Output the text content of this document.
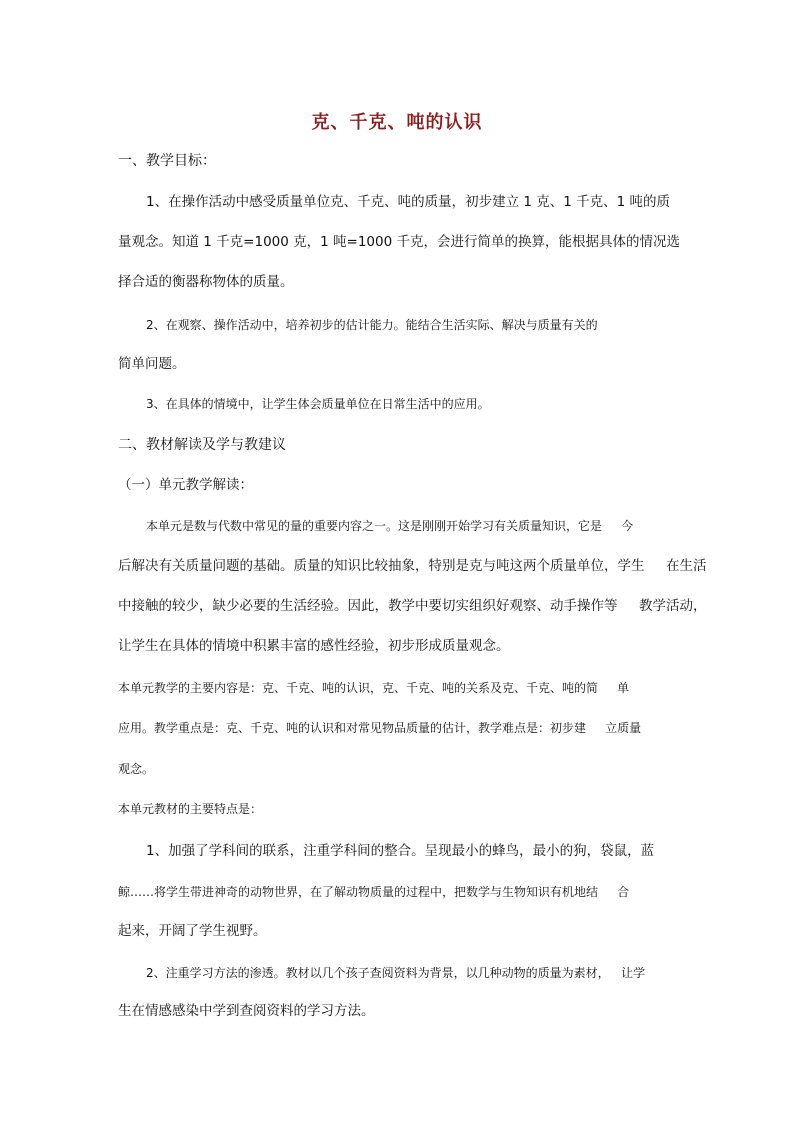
克、千克、吨的认识
一、教学目标：
1、在操作活动中感受质量单位克、千克、吨的质量，初步建立 1 克、1 千克、1 吨的质
量观念。知道 1 千克=1000 克，1 吨=1000 千克，会进行简单的换算，能根据具体的情况选
择合适的衡器称物体的质量。
2、在观察、操作活动中，培养初步的估计能力。能结合生活实际、解决与质量有关的
简单问题。
3、在具体的情境中，让学生体会质量单位在日常生活中的应用。
二、教材解读及学与教建议
（一）单元教学解读：
本单元是数与代数中常见的量的重要内容之一。这是刚刚开始学习有关质量知识，它是     今
后解决有关质量问题的基础。质量的知识比较抽象，特别是克与吨这两个质量单位，学生     在生活
中接触的较少，缺少必要的生活经验。因此，教学中要切实组织好观察、动手操作等     教学活动，
让学生在具体的情境中积累丰富的感性经验，初步形成质量观念。
本单元教学的主要内容是：克、千克、吨的认识，克、千克、吨的关系及克、千克、吨的简     单
应用。教学重点是：克、千克、吨的认识和对常见物品质量的估计，教学难点是：初步建     立质量
观念。
本单元教材的主要特点是：
1、加强了学科间的联系，注重学科间的整合。呈现最小的蜂鸟，最小的狗，袋鼠，蓝
鲸……将学生带进神奇的动物世界，在了解动物质量的过程中，把数学与生物知识有机地结     合
起来，开阔了学生视野。
2、注重学习方法的渗透。教材以几个孩子查阅资料为背景，以几种动物的质量为素材，   让学
生在情感感染中学到查阅资料的学习方法。
